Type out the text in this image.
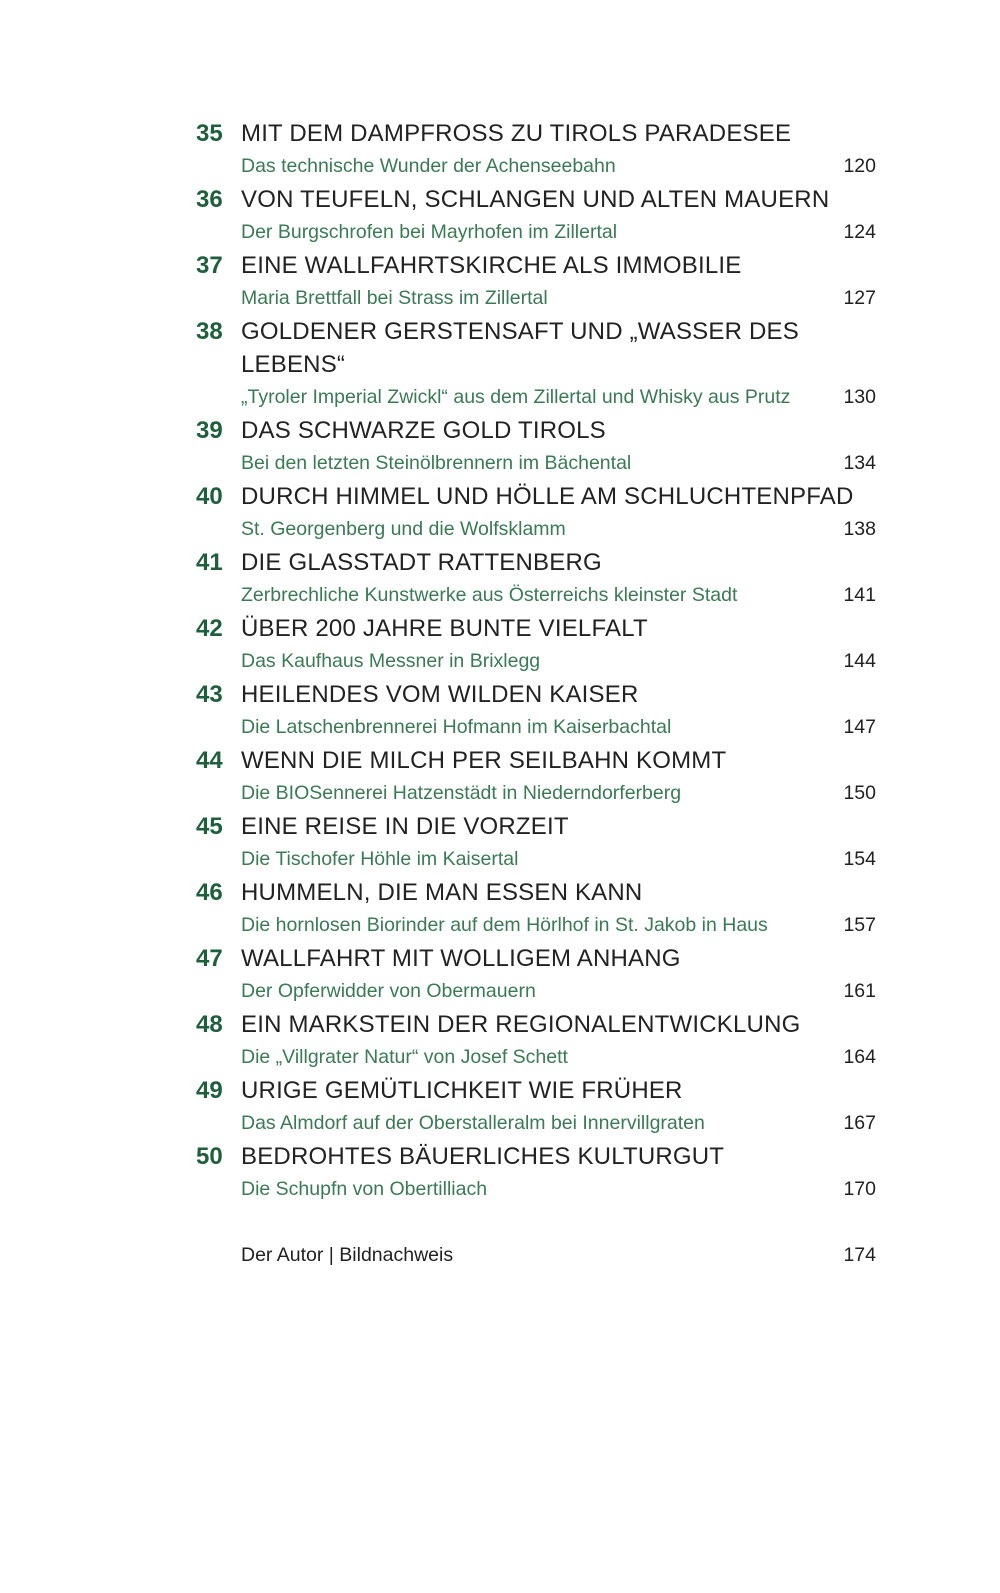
35 MIT DEM DAMPFROSS ZU TIROLS PARADESEE
Das technische Wunder der Achenseebahn	120
36 VON TEUFELN, SCHLANGEN UND ALTEN MAUERN
Der Burgschrofen bei Mayrhofen im Zillertal	124
37 EINE WALLFAHRTSKIRCHE ALS IMMOBILIE
Maria Brettfall bei Strass im Zillertal	127
38 GOLDENER GERSTENSAFT UND „WASSER DES LEBENS“
„Tyroler Imperial Zwickl“ aus dem Zillertal und Whisky aus Prutz	130
39 DAS SCHWARZE GOLD TIROLS
Bei den letzten Steinölbrennern im Bächental	134
40 DURCH HIMMEL UND HÖLLE AM SCHLUCHTENPFAD
St. Georgenberg und die Wolfsklamm	138
41 DIE GLASSTADT RATTENBERG
Zerbrechliche Kunstwerke aus Österreichs kleinster Stadt	141
42 ÜBER 200 JAHRE BUNTE VIELFALT
Das Kaufhaus Messner in Brixlegg	144
43 HEILENDES VOM WILDEN KAISER
Die Latschenbrennerei Hofmann im Kaiserbachtal	147
44 WENN DIE MILCH PER SEILBAHN KOMMT
Die BIOSennerei Hatzenstädt in Niederndorferberg	150
45 EINE REISE IN DIE VORZEIT
Die Tischofer Höhle im Kaisertal	154
46 HUMMELN, DIE MAN ESSEN KANN
Die hornlosen Biorinder auf dem Hörlhof in St. Jakob in Haus	157
47 WALLFAHRT MIT WOLLIGEM ANHANG
Der Opferwidder von Obermauern	161
48 EIN MARKSTEIN DER REGIONALENTWICKLUNG
Die „Villgrater Natur“ von Josef Schett	164
49 URIGE GEMÜTLICHKEIT WIE FRÜHER
Das Almdorf auf der Oberstalleralm bei Innervillgraten	167
50 BEDROHTES BÄUERLICHES KULTURGUT
Die Schupfn von Obertilliach	170
Der Autor | Bildnachweis	174
